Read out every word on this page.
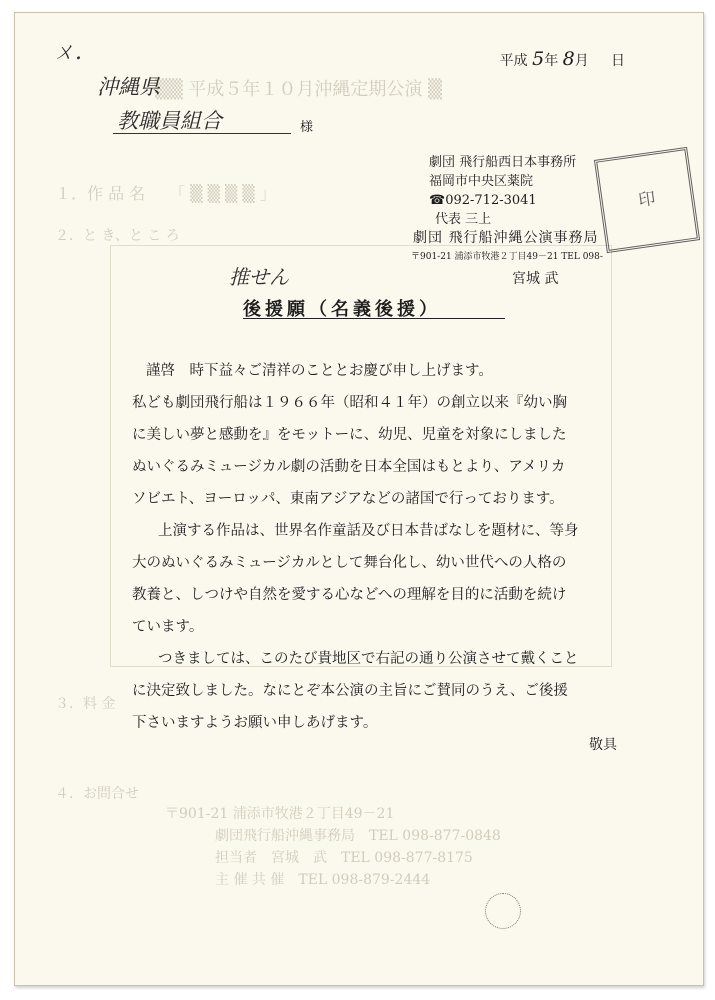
▒▒ 平成５年１０月沖縄定期公演 ▒
１．作 品 名　　「 ▒ ▒ ▒ ▒ 」
２．と き、と こ ろ
３．料 金
４．お問合せ
〒901-21 浦添市牧港２丁目49－21
劇団飛行船沖縄事務局　TEL 098-877-0848
担当者　宮城　武　TEL 098-877-8175
主 催 共 催　TEL 098-879-2444
ㄨ.	平成 5年 8月 日
沖縄県
教職員組合	様
劇団 飛行船西日本事務所
福岡市中央区薬院
☎092-712-3041
代表 三上
劇団 飛行船沖縄公演事務局
〒901-21 浦添市牧港２丁目49－21 TEL 098-
印
宮城 武
推せん
後援願（名義後援）
謹啓　時下益々ご清祥のこととお慶び申し上げます。
私ども劇団飛行船は１９６６年（昭和４１年）の創立以来『幼い胸
に美しい夢と感動を』をモットーに、幼児、児童を対象にしました
ぬいぐるみミュージカル劇の活動を日本全国はもとより、アメリカ
ソビエト、ヨーロッパ、東南アジアなどの諸国で行っております。
上演する作品は、世界名作童話及び日本昔ばなしを題材に、等身
大のぬいぐるみミュージカルとして舞台化し、幼い世代への人格の
教養と、しつけや自然を愛する心などへの理解を目的に活動を続け
ています。
つきましては、このたび貴地区で右記の通り公演させて戴くこと
に決定致しました。なにとぞ本公演の主旨にご賛同のうえ、ご後援
下さいますようお願い申しあげます。
敬具
